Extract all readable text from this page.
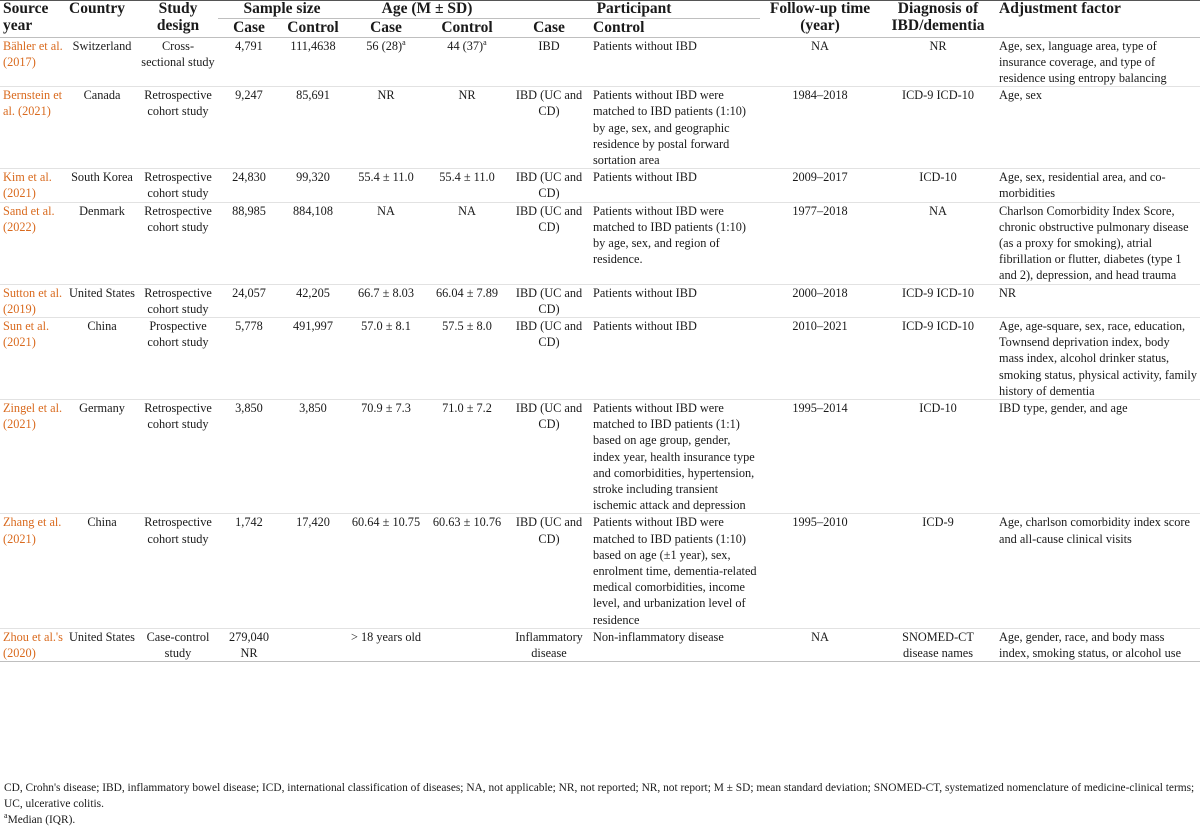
Source year	Country	Study design	Sample size		Age (M ± SD)		Participant		Follow-up time (year)	Diagnosis of IBD/dementia	Adjustment factor
			Case	Control	Case	Control	Case	Control			

Bähler et al. (2017)	Switzerland	Cross-sectional study	4,791	111,4638	56 $(28)^a$	44 $(37)^a$	IBD	Patients without IBD	NA	NR	Age, sex, language area, type of insurance coverage, and type of residence using entropy balancing
Bernstein et al. (2021)	Canada	Retrospective cohort study	9,247	85,691	NR	NR	IBD (UC and CD)	Patients without IBD were matched to IBD patients (1:10) by age, sex, and geographic residence by postal forward sortation area	1984–2018	ICD-9 ICD-10	Age, sex
Kim et al. (2021)	South Korea	Retrospective cohort study	24,830	99,320	55.4 ± 11.0	55.4 ± 11.0	IBD (UC and CD)	Patients without IBD	2009–2017	ICD-10	Age, sex, residential area, and co-morbidities
Sand et al. (2022)	Denmark	Retrospective cohort study	88,985	884,108	NA	NA	IBD (UC and CD)	Patients without IBD were matched to IBD patients (1:10) by age, sex, and region of residence.	1977–2018	NA	Charlson Comorbidity Index Score, chronic obstructive pulmonary disease (as a proxy for smoking), atrial fibrillation or flutter, diabetes (type 1 and 2), depression, and head trauma
Sutton et al. (2019)	United States	Retrospective cohort study	24,057	42,205	66.7 ± 8.03	66.04 ± 7.89	IBD (UC and CD)	Patients without IBD	2000–2018	ICD-9 ICD-10	NR
Sun et al. (2021)	China	Prospective cohort study	5,778	491,997	57.0 ± 8.1	57.5 ± 8.0	IBD (UC and CD)	Patients without IBD	2010–2021	ICD-9 ICD-10	Age, age-square, sex, race, education, Townsend deprivation index, body mass index, alcohol drinker status, smoking status, physical activity, family history of dementia
Zingel et al. (2021)	Germany	Retrospective cohort study	3,850	3,850	70.9 ± 7.3	71.0 ± 7.2	IBD (UC and CD)	Patients without IBD were matched to IBD patients (1:1) based on age group, gender, index year, health insurance type and comorbidities, hypertension, stroke including transient ischemic attack and depression	1995–2014	ICD-10	IBD type, gender, and age
Zhang et al. (2021)	China	Retrospective cohort study	1,742	17,420	60.64 ± 10.75	60.63 ± 10.76	IBD (UC and CD)	Patients without IBD were matched to IBD patients (1:10) based on age (±1 year), sex, enrolment time, dementia-related medical comorbidities, income level, and urbanization level of residence	1995–2010	ICD-9	Age, charlson comorbidity index score and all-cause clinical visits
Zhou et al.'s (2020)	United States	Case-control study	279,040 NR		> 18 years old		Inflammatory disease	Non-inflammatory disease	NA	SNOMED-CT disease names	Age, gender, race, and body mass index, smoking status, or alcohol use

CD, Crohn's disease; IBD, inflammatory bowel disease; ICD, international classification of diseases; NA, not applicable; NR, not reported; NR, not report; M ± SD; mean standard deviation; SNOMED-CT, systematized nomenclature of medicine-clinical terms; UC, ulcerative colitis.

$^a$Median (IQR).
